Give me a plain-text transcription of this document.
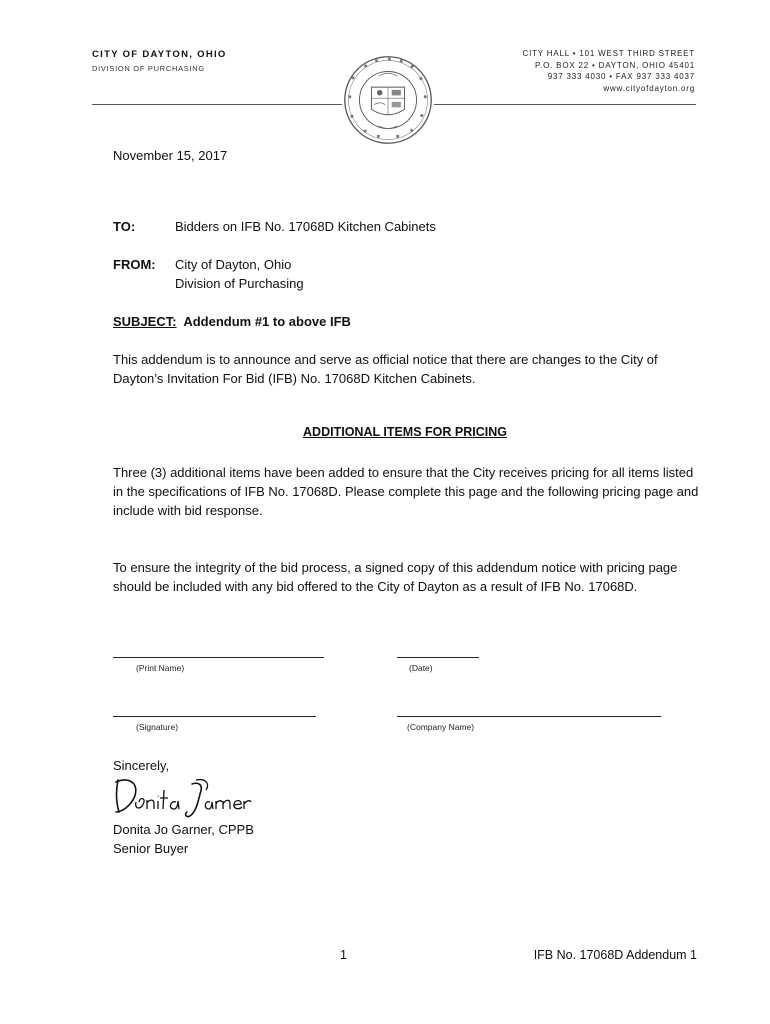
CITY OF DAYTON, OHIO
DIVISION OF PURCHASING
CITY HALL • 101 WEST THIRD STREET
P.O. BOX 22 • DAYTON, OHIO 45401
937 333 4030 • FAX 937 333 4037
www.cityofdayton.org
November 15, 2017
TO:	Bidders on IFB No. 17068D Kitchen Cabinets
FROM: City of Dayton, Ohio
Division of Purchasing
SUBJECT: Addendum #1 to above IFB
This addendum is to announce and serve as official notice that there are changes to the City of Dayton’s Invitation For Bid (IFB) No. 17068D Kitchen Cabinets.
ADDITIONAL ITEMS FOR PRICING
Three (3) additional items have been added to ensure that the City receives pricing for all items listed in the specifications of IFB No. 17068D. Please complete this page and the following pricing page and include with bid response.
To ensure the integrity of the bid process, a signed copy of this addendum notice with pricing page should be included with any bid offered to the City of Dayton as a result of IFB No. 17068D.
(Print Name)	(Date)
(Signature)	(Company Name)
Sincerely,
Donita Jo Garner, CPPB
Senior Buyer
1	IFB No. 17068D Addendum 1
